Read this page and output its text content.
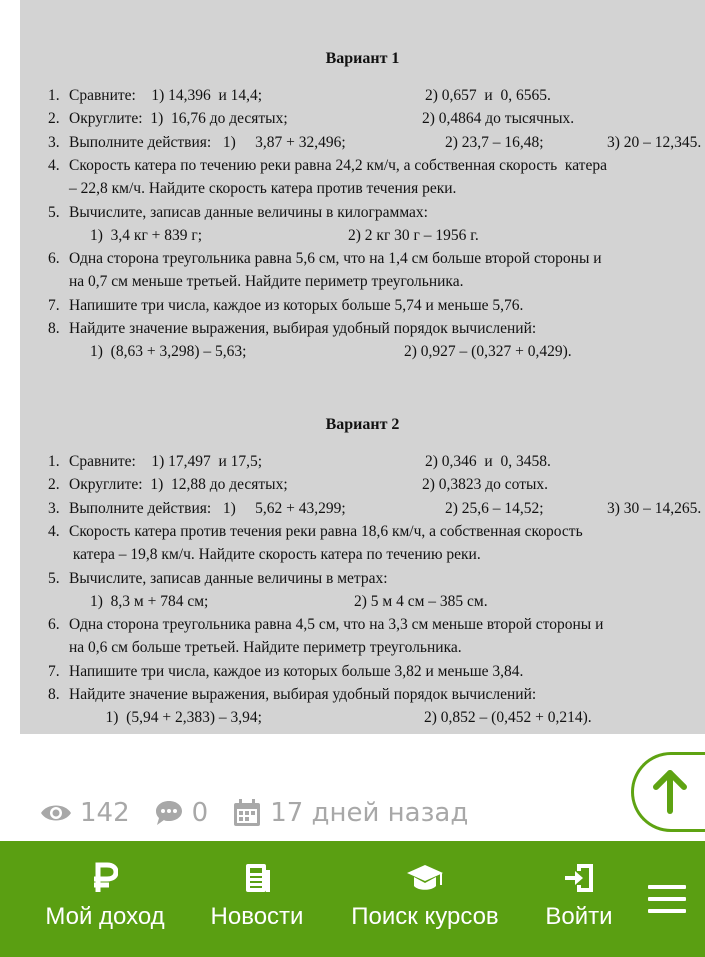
Вариант 1
1. Сравните:    1) 14,396  и 14,4;	2) 0,657  и  0, 6565.
2. Округлите:  1)  16,76 до десятых;	2) 0,4864 до тысячных.
3. Выполните действия:   1)     3,87 + 32,496;	2) 23,7 – 16,48;	3) 20 – 12,345.
4. Скорость катера по течению реки равна 24,2 км/ч, а собственная скорость  катера
– 22,8 км/ч. Найдите скорость катера против течения реки.
5. Вычислите, записав данные величины в килограммах:
1)  3,4 кг + 839 г;	2) 2 кг 30 г – 1956 г.
6. Одна сторона треугольника равна 5,6 см, что на 1,4 см больше второй стороны и
на 0,7 см меньше третьей. Найдите периметр треугольника.
7. Напишите три числа, каждое из которых больше 5,74 и меньше 5,76.
8. Найдите значение выражения, выбирая удобный порядок вычислений:
1)  (8,63 + 3,298) – 5,63;	2) 0,927 – (0,327 + 0,429).
Вариант 2
1. Сравните:    1) 17,497  и 17,5;	2) 0,346  и  0, 3458.
2. Округлите:  1)  12,88 до десятых;	2) 0,3823 до сотых.
3. Выполните действия:   1)     5,62 + 43,299;	2) 25,6 – 14,52;	3) 30 – 14,265.
4. Скорость катера против течения реки равна 18,6 км/ч, а собственная скорость
катера – 19,8 км/ч. Найдите скорость катера по течению реки.
5. Вычислите, записав данные величины в метрах:
1)  8,3 м + 784 см;	2) 5 м 4 см – 385 см.
6. Одна сторона треугольника равна 4,5 см, что на 3,3 см меньше второй стороны и
на 0,6 см больше третьей. Найдите периметр треугольника.
7. Напишите три числа, каждое из которых больше 3,82 и меньше 3,84.
8. Найдите значение выражения, выбирая удобный порядок вычислений:
1)  (5,94 + 2,383) – 3,94;	2) 0,852 – (0,452 + 0,214).
142 0 17 дней назад
Мой доход	Новости	Поиск курсов	Войти
